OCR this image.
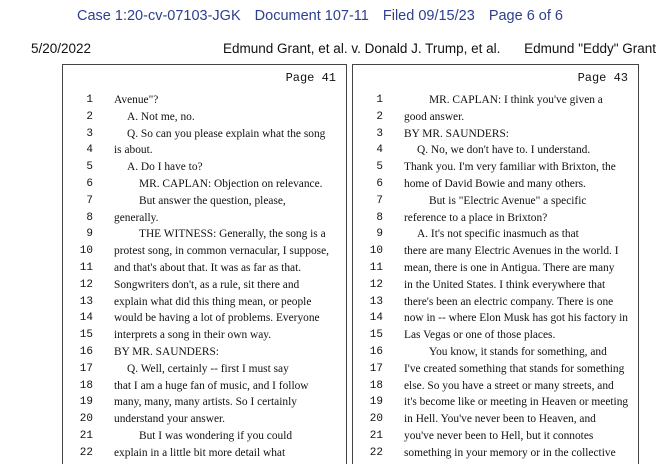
Case 1:20-cv-07103-JGK Document 107-11 Filed 09/15/23 Page 6 of 6
5/20/2022	Edmund Grant, et al. v. Donald J. Trump, et al. Edmund "Eddy" Grant
Page 41
1 Avenue"?
2	A. Not me, no.
3	Q. So can you please explain what the song
4 is about.
5	A. Do I have to?
6	MR. CAPLAN: Objection on relevance.
7	But answer the question, please,
8 generally.
9	THE WITNESS: Generally, the song is a
10 protest song, in common vernacular, I suppose,
11 and that's about that. It was as far as that.
12 Songwriters don't, as a rule, sit there and
13 explain what did this thing mean, or people
14 would be having a lot of problems. Everyone
15 interprets a song in their own way.
16 BY MR. SAUNDERS:
17	Q. Well, certainly -- first I must say
18 that I am a huge fan of music, and I follow
19 many, many, many artists. So I certainly
20 understand your answer.
21	But I was wondering if you could
22 explain in a little bit more detail what
Page 43
1	MR. CAPLAN: I think you've given a
2 good answer.
3 BY MR. SAUNDERS:
4	Q. No, we don't have to. I understand.
5 Thank you. I'm very familiar with Brixton, the
6 home of David Bowie and many others.
7	But is "Electric Avenue" a specific
8 reference to a place in Brixton?
9	A. It's not specific inasmuch as that
10 there are many Electric Avenues in the world. I
11 mean, there is one in Antigua. There are many
12 in the United States. I think everywhere that
13 there's been an electric company. There is one
14 now in -- where Elon Musk has got his factory in
15 Las Vegas or one of those places.
16	You know, it stands for something, and
17 I've created something that stands for something
18 else. So you have a street or many streets, and
19 it's become like or meeting in Heaven or meeting
20 in Hell. You've never been to Heaven, and
21 you've never been to Hell, but it connotes
22 something in your memory or in the collective
